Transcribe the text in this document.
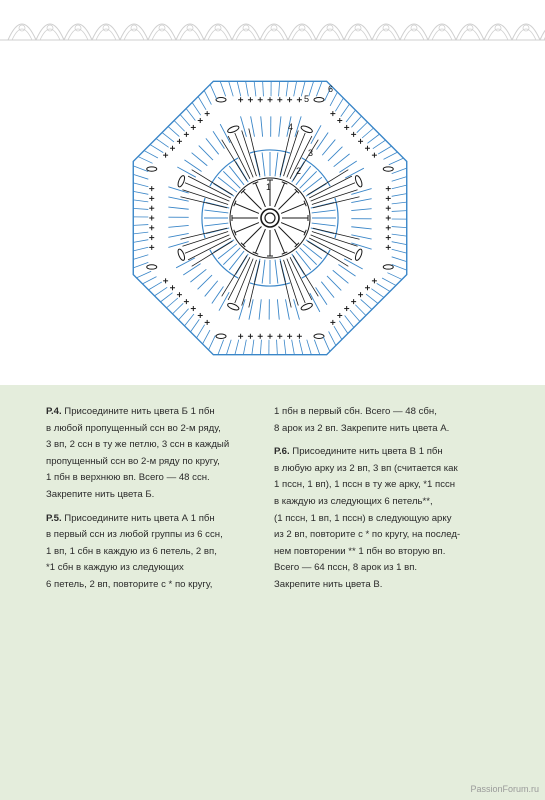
1
2
3
4
5
6

Р.4. Присоедините нить цвета Б 1 пбн
в любой пропущенный ссн во 2-м ряду,
3 вп, 2 ссн в ту же петлю, 3 ссн в каждый
пропущенный ссн во 2-м ряду по кругу,
1 пбн в верхнюю вп. Всего — 48 ссн.
Закрепите нить цвета Б.

Р.5. Присоедините нить цвета А 1 пбн
в первый ссн из любой группы из 6 ссн,
1 вп, 1 сбн в каждую из 6 петель, 2 вп,
*1 сбн в каждую из следующих
6 петель, 2 вп, повторите с * по кругу,

1 пбн в первый сбн. Всего — 48 сбн,
8 арок из 2 вп. Закрепите нить цвета А.

Р.6. Присоедините нить цвета В 1 пбн
в любую арку из 2 вп, 3 вп (считается как
1 пссн, 1 вп), 1 пссн в ту же арку, *1 пссн
в каждую из следующих 6 петель**,
(1 пссн, 1 вп, 1 пссн) в следующую арку
из 2 вп, повторите с * по кругу, на послед-
нем повторении ** 1 пбн во вторую вп.
Всего — 64 пссн, 8 арок из 1 вп.
Закрепите нить цвета В.

PassionForum.ru
